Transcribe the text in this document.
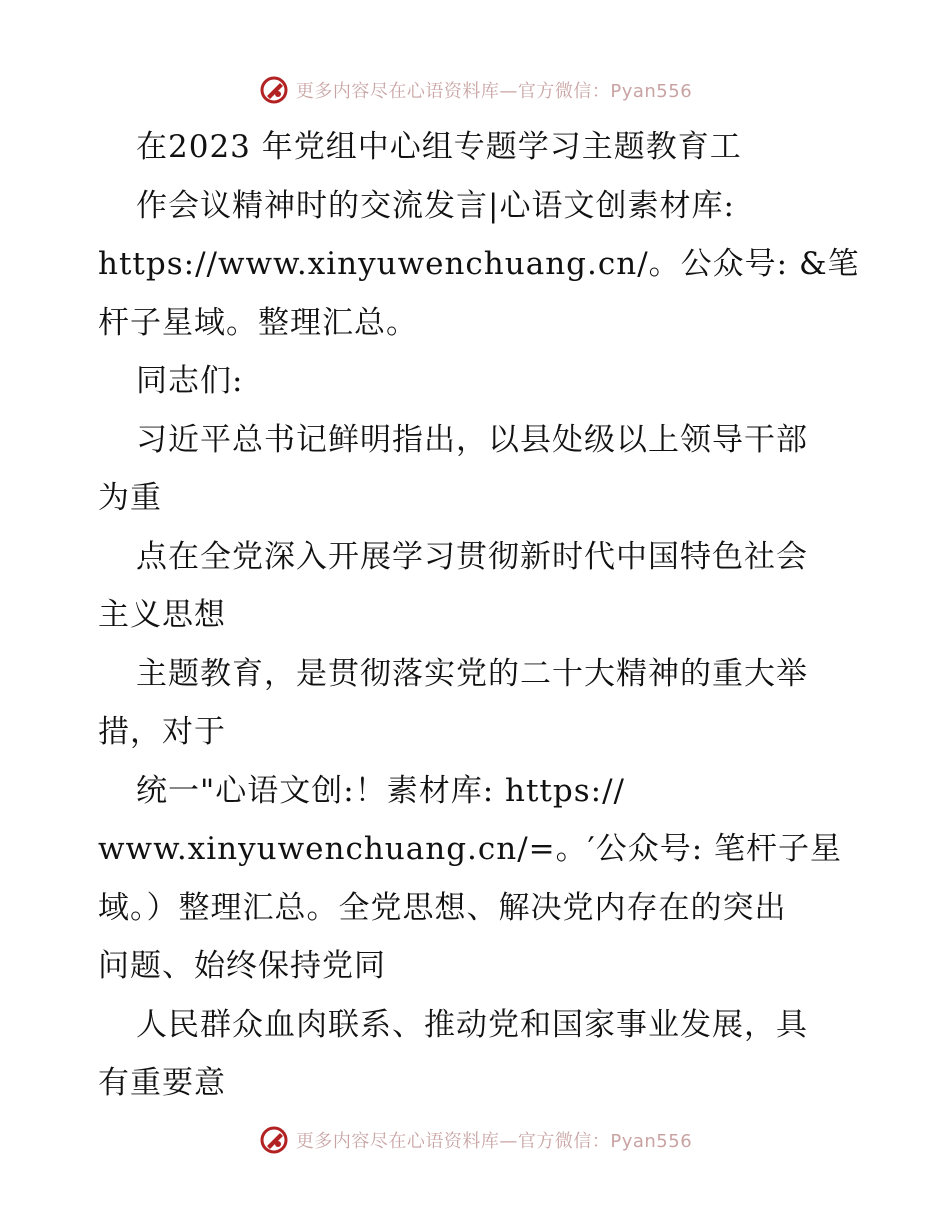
更多内容尽在心语资料库—官方微信：Pyan556
在2023 年党组中心组专题学习主题教育工
作会议精神时的交流发言|心语文创素材库:
https://www.xinyuwenchuang.cn/。公众号: &笔
杆子星域。整理汇总。
同志们:
习近平总书记鲜明指出，以县处级以上领导干部
为重
点在全党深入开展学习贯彻新时代中国特色社会
主义思想
主题教育，是贯彻落实党的二十大精神的重大举
措，对于
统一"心语文创:！素材库: https://
www.xinyuwenchuang.cn/=。′公众号: 笔杆子星
域。）整理汇总。全党思想、解决党内存在的突出
问题、始终保持党同
人民群众血肉联系、推动党和国家事业发展，具
有重要意
更多内容尽在心语资料库—官方微信：Pyan556
